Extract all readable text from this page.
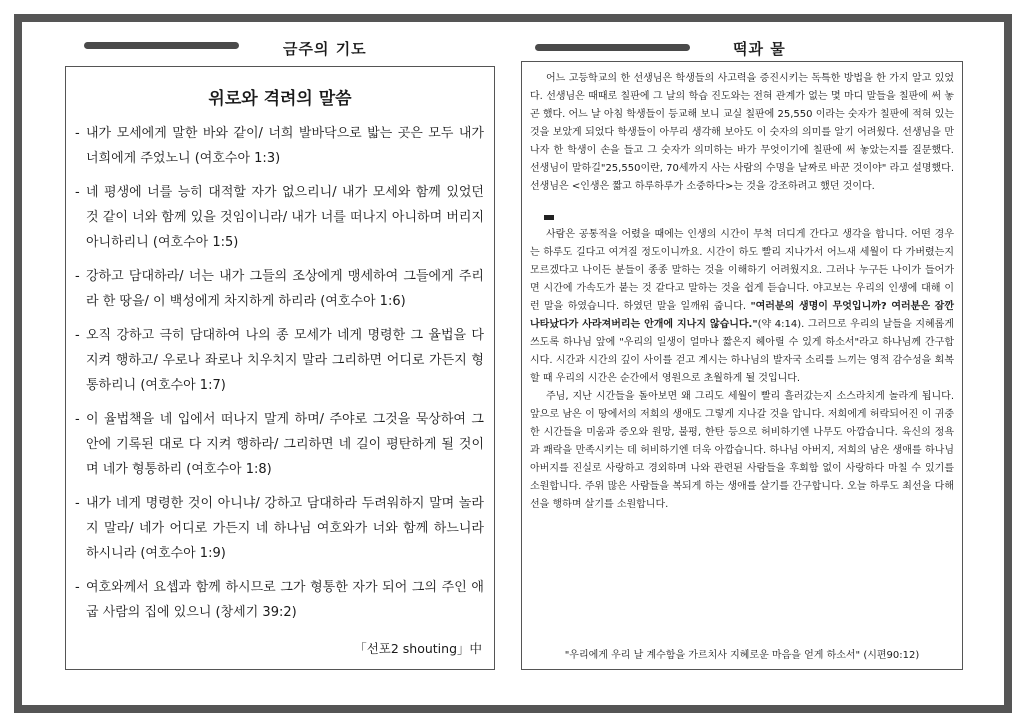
금주의 기도	떡과 물
위로와 격려의 말씀
- 내가 모세에게 말한 바와 같이/ 너희 발바닥으로 밟는 곳은 모두 내가 너희에게 주었노니 (여호수아 1:3)
- 네 평생에 너를 능히 대적할 자가 없으리니/ 내가 모세와 함께 있었던 것 같이 너와 함께 있을 것임이니라/ 내가 너를 떠나지 아니하며 버리지 아니하리니 (여호수아 1:5)
- 강하고 담대하라/ 너는 내가 그들의 조상에게 맹세하여 그들에게 주리라 한 땅을/ 이 백성에게 차지하게 하리라 (여호수아 1:6)
- 오직 강하고 극히 담대하여 나의 종 모세가 네게 명령한 그 율법을 다 지켜 행하고/ 우로나 좌로나 치우치지 말라 그리하면 어디로 가든지 형통하리니 (여호수아 1:7)
- 이 율법책을 네 입에서 떠나지 말게 하며/ 주야로 그것을 묵상하여 그 안에 기록된 대로 다 지켜 행하라/ 그리하면 네 길이 평탄하게 될 것이며 네가 형통하리 (여호수아 1:8)
- 내가 네게 명령한 것이 아니냐/ 강하고 담대하라 두려워하지 말며 놀라지 말라/ 네가 어디로 가든지 네 하나님 여호와가 너와 함께 하느니라 하시니라 (여호수아 1:9)
- 여호와께서 요셉과 함께 하시므로 그가 형통한 자가 되어 그의 주인 애굽 사람의 집에 있으니 (창세기 39:2)
「선포2 shouting」中

어느 고등학교의 한 선생님은 학생들의 사고력을 증진시키는 독특한 방법을 한 가지 알고 있었다. 선생님은 때때로 칠판에 그 날의 학습 진도와는 전혀 관계가 없는 몇 마디 말들을 칠판에 써 놓곤 했다. 어느 날 아침 학생들이 등교해 보니 교실 칠판에 25,550 이라는 숫자가 칠판에 적혀 있는 것을 보았게 되었다 학생들이 아무리 생각해 보아도 이 숫자의 의미를 알기 어려웠다. 선생님을 만나자 한 학생이 손을 들고 그 숫자가 의미하는 바가 무엇이기에 칠판에 써 놓았는지를 질문했다. 선생님이 말하길"25,550이란, 70세까지 사는 사람의 수명을 날짜로 바꾼 것이야" 라고 설명했다. 선생님은 <인생은 짧고 하루하루가 소중하다>는 것을 강조하려고 했던 것이다.

사람은 공통적을 어렸을 때에는 인생의 시간이 무척 더디게 간다고 생각을 합니다. 어떤 경우는 하루도 길다고 여겨질 정도이니까요. 시간이 하도 빨리 지나가서 어느새 세월이 다 가버렸는지 모르겠다고 나이든 분들이 종종 말하는 것을 이해하기 어려웠지요. 그러나 누구든 나이가 들어가면 시간에 가속도가 붙는 것 같다고 말하는 것을 쉽게 듣습니다. 야고보는 우리의 인생에 대해 이런 말을 하였습니다. 하였던 말을 일깨워 줍니다. "여러분의 생명이 무엇입니까? 여러분은 잠깐 나타났다가 사라져버리는 안개에 지나지 않습니다."(약 4:14). 그러므로 우리의 날들을 지혜롭게 쓰도록 하나님 앞에 "우리의 일생이 얼마나 짧은지 헤아릴 수 있게 하소서"라고 하나님께 간구합시다. 시간과 시간의 깊이 사이를 걷고 계시는 하나님의 발자국 소리를 느끼는 영적 감수성을 회복할 때 우리의 시간은 순간에서 영원으로 초월하게 될 것입니다.

주님, 지난 시간들을 돌아보면 왜 그리도 세월이 빨리 흘러갔는지 소스라치게 놀라게 됩니다. 앞으로 남은 이 땅에서의 저희의 생애도 그렇게 지나갈 것을 압니다. 저희에게 허락되어진 이 귀중한 시간들을 미움과 증오와 원망, 불평, 한탄 등으로 허비하기엔 나무도 아깝습니다. 육신의 정욕과 쾌락을 만족시키는 데 허비하기엔 더욱 아깝습니다. 하나님 아버지, 저희의 남은 생애를 하나님 아버지를 진실로 사랑하고 경외하며 나와 관련된 사람들을 후회함 없이 사랑하다 마칠 수 있기를 소원합니다. 주위 많은 사람들을 복되게 하는 생애를 살기를 간구합니다. 오늘 하루도 최선을 다해 선을 행하며 살기를 소원합니다.

"우리에게 우리 날 계수함을 가르치사 지혜로운 마음을 얻게 하소서" (시편90:12)
